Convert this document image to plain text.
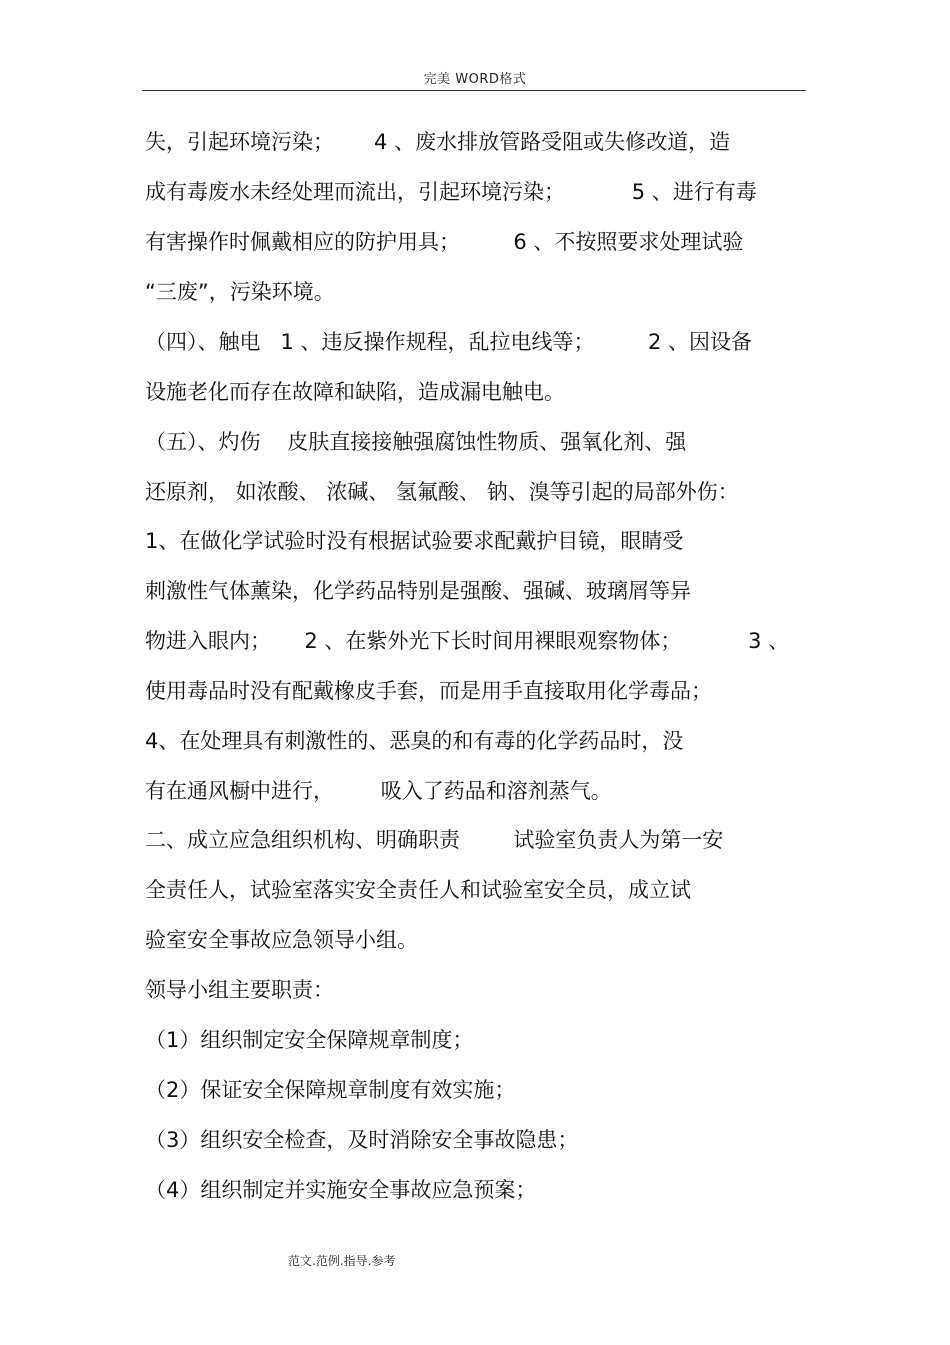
完美 WORD格式
失，引起环境污染；      4 、废水排放管路受阻或失修改道，造
成有毒废水未经处理而流出，引起环境污染；          5 、进行有毒
有害操作时佩戴相应的防护用具；        6 、不按照要求处理试验
“三废”，污染环境。
（四）、触电   1 、违反操作规程，乱拉电线等；        2 、因设备
设施老化而存在故障和缺陷，造成漏电触电。
（五）、灼伤    皮肤直接接触强腐蚀性物质、强氧化剂、强
还原剂， 如浓酸、 浓碱、 氢氟酸、 钠、溴等引起的局部外伤：
1、在做化学试验时没有根据试验要求配戴护目镜，眼睛受
刺激性气体薰染，化学药品特别是强酸、强碱、玻璃屑等异
物进入眼内；     2 、在紫外光下长时间用裸眼观察物体；          3 、
使用毒品时没有配戴橡皮手套，而是用手直接取用化学毒品；
4、在处理具有刺激性的、恶臭的和有毒的化学药品时，没
有在通风橱中进行，       吸入了药品和溶剂蒸气。
二、成立应急组织机构、明确职责        试验室负责人为第一安
全责任人，试验室落实安全责任人和试验室安全员，成立试
验室安全事故应急领导小组。
领导小组主要职责：
（1）组织制定安全保障规章制度；
（2）保证安全保障规章制度有效实施；
（3）组织安全检查，及时消除安全事故隐患；
（4）组织制定并实施安全事故应急预案；
范文.范例.指导.参考
